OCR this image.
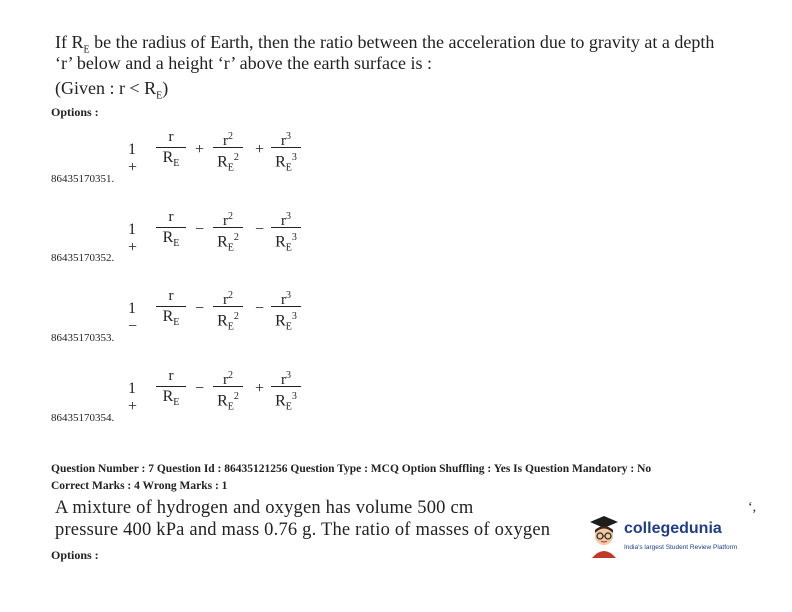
If $R_E$ be the radius of Earth, then the ratio between the acceleration due to gravity at a depth
‘r’ below and a height ‘r’ above the earth surface is :
(Given : $r < R_E$)
Options :
86435170351.
1 +
r
$R_E$
$r^2$
$R_E^2$
$r^3$
$R_E^3$
+	+
86435170352.
1 +
r
$R_E$
$r^2$
$R_E^2$
$r^3$
$R_E^3$
−	−
86435170353.
1 −
r
$R_E$
$r^2$
$R_E^2$
$r^3$
$R_E^3$
−	−
86435170354.
1 +
r
$R_E$
$r^2$
$R_E^2$
$r^3$
$R_E^3$
−	+
Question Number : 7 Question Id : 86435121256 Question Type : MCQ Option Shuffling : Yes Is Question Mandatory : No
Correct Marks : 4 Wrong Marks : 1
A mixture of hydrogen and oxygen has volume 500 cm
pressure 400 kPa and mass 0.76 g. The ratio of masses of oxygen
Options :
‘,
collegedunia
India's largest Student Review Platform
